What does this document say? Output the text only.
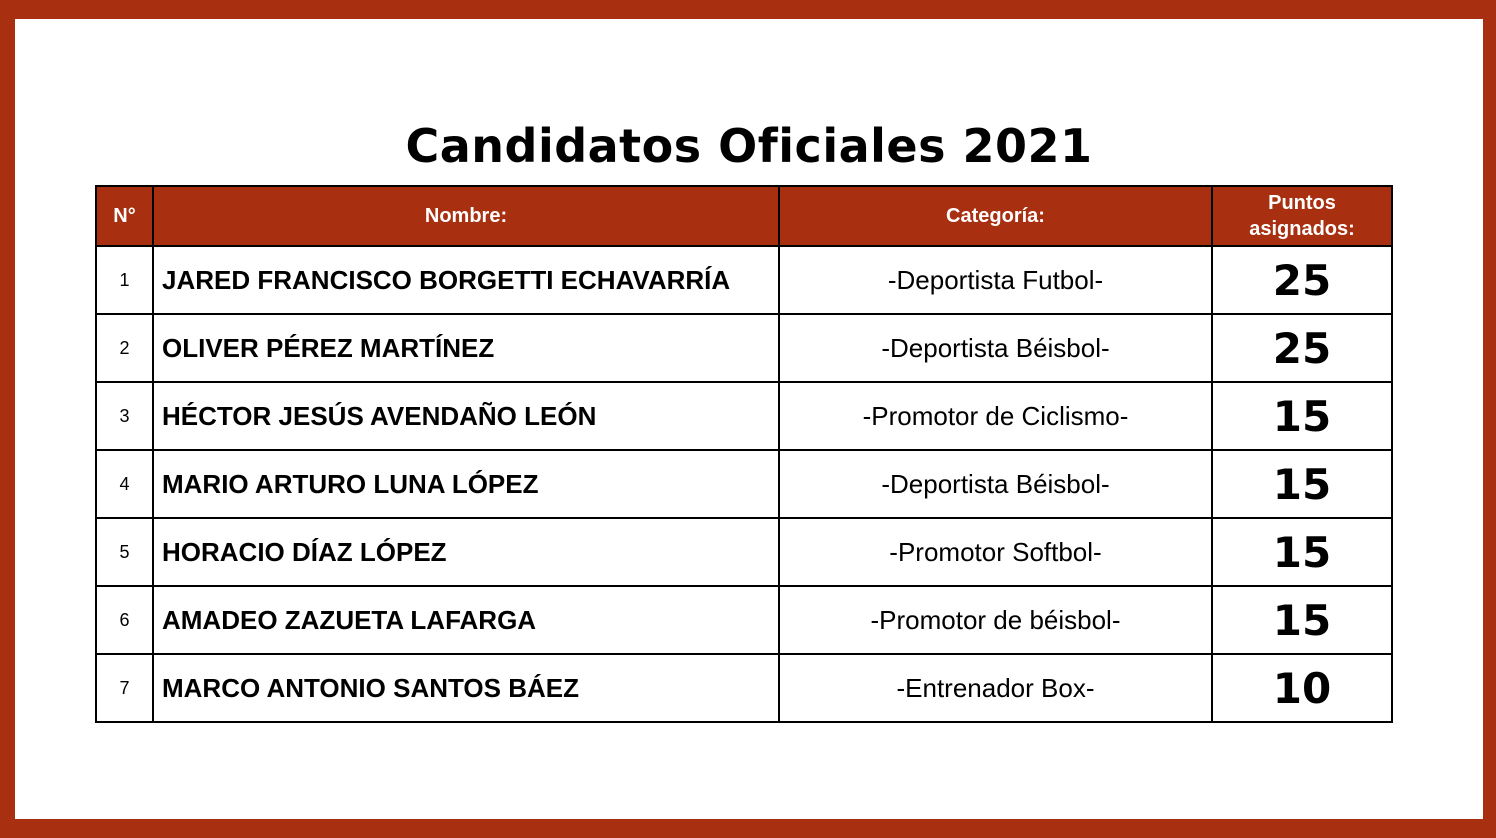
Candidatos Oficiales 2021
N°	Nombre:	Categoría:	Puntos
asignados:

1	JARED FRANCISCO BORGETTI ECHAVARRÍA	-Deportista Futbol-	25
2	OLIVER PÉREZ MARTÍNEZ	-Deportista Béisbol-	25
3	HÉCTOR JESÚS AVENDAÑO LEÓN	-Promotor de Ciclismo-	15
4	MARIO ARTURO LUNA LÓPEZ	-Deportista Béisbol-	15
5	HORACIO DÍAZ LÓPEZ	-Promotor Softbol-	15
6	AMADEO ZAZUETA LAFARGA	-Promotor de béisbol-	15
7	MARCO ANTONIO SANTOS BÁEZ	-Entrenador Box-	10
